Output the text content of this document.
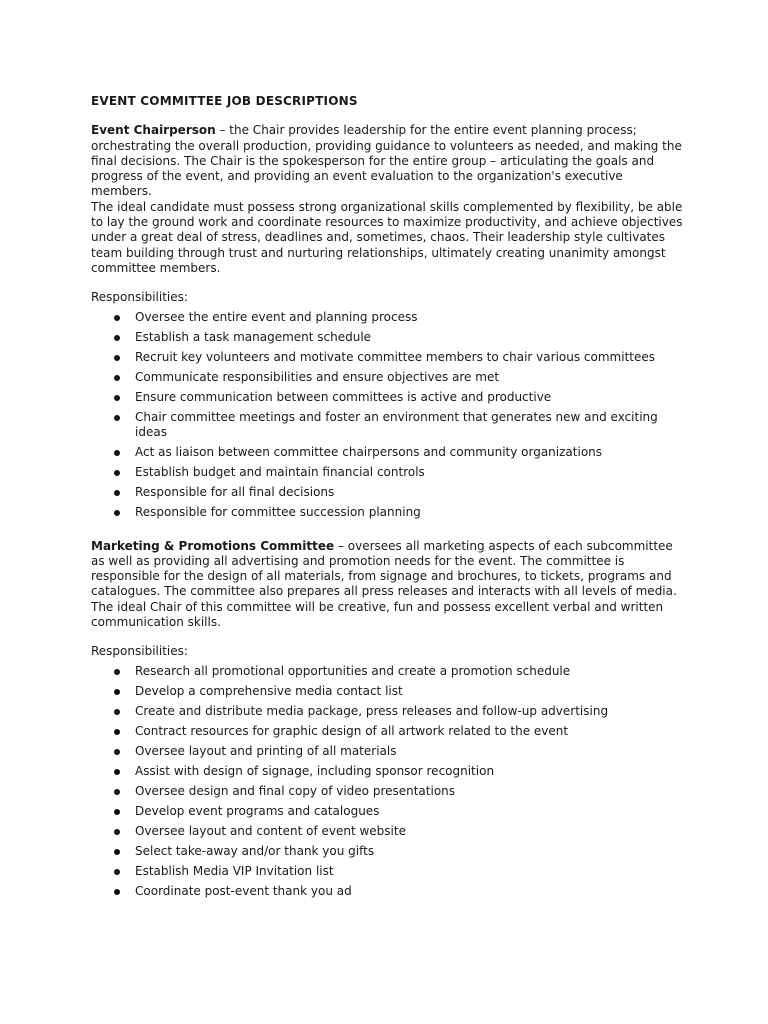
EVENT COMMITTEE JOB DESCRIPTIONS

Event Chairperson – the Chair provides leadership for the entire event planning process; orchestrating the overall production, providing guidance to volunteers as needed, and making the final decisions. The Chair is the spokesperson for the entire group – articulating the goals and progress of the event, and providing an event evaluation to the organization's executive members.

The ideal candidate must possess strong organizational skills complemented by flexibility, be able to lay the ground work and coordinate resources to maximize productivity, and achieve objectives under a great deal of stress, deadlines and, sometimes, chaos. Their leadership style cultivates team building through trust and nurturing relationships, ultimately creating unanimity amongst committee members.

Responsibilities:
Oversee the entire event and planning process
Establish a task management schedule
Recruit key volunteers and motivate committee members to chair various committees
Communicate responsibilities and ensure objectives are met
Ensure communication between committees is active and productive
Chair committee meetings and foster an environment that generates new and exciting ideas
Act as liaison between committee chairpersons and community organizations
Establish budget and maintain financial controls
Responsible for all final decisions
Responsible for committee succession planning

Marketing & Promotions Committee – oversees all marketing aspects of each subcommittee as well as providing all advertising and promotion needs for the event. The committee is responsible for the design of all materials, from signage and brochures, to tickets, programs and catalogues. The committee also prepares all press releases and interacts with all levels of media. The ideal Chair of this committee will be creative, fun and possess excellent verbal and written communication skills.

Responsibilities:
Research all promotional opportunities and create a promotion schedule
Develop a comprehensive media contact list
Create and distribute media package, press releases and follow-up advertising
Contract resources for graphic design of all artwork related to the event
Oversee layout and printing of all materials
Assist with design of signage, including sponsor recognition
Oversee design and final copy of video presentations
Develop event programs and catalogues
Oversee layout and content of event website
Select take-away and/or thank you gifts
Establish Media VIP Invitation list
Coordinate post-event thank you ad
